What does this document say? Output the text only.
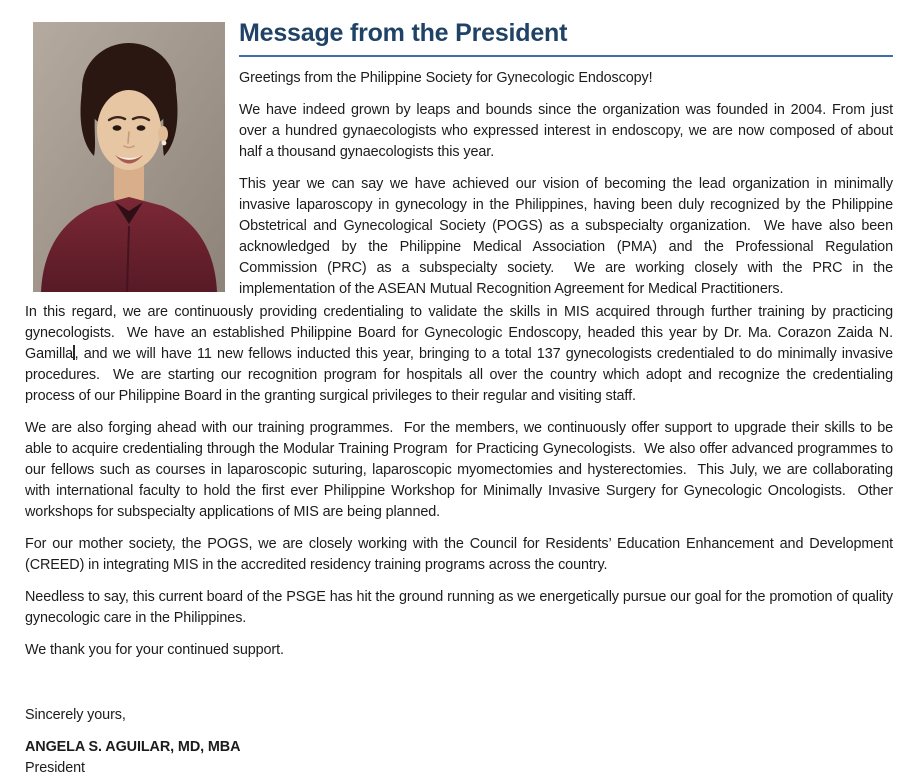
Message from the President

Greetings from the Philippine Society for Gynecologic Endoscopy!

We have indeed grown by leaps and bounds since the organization was founded in 2004. From just over a hundred gynaecologists who expressed interest in endoscopy, we are now composed of about half a thousand gynaecologists this year.

This year we can say we have achieved our vision of becoming the lead organization in minimally invasive laparoscopy in gynecology in the Philippines, having been duly recognized by the Philippine Obstetrical and Gynecological Society (POGS) as a subspecialty organization.  We have also been acknowledged by the Philippine Medical Association (PMA) and the Professional Regulation Commission (PRC) as a subspecialty society.  We are working closely with the PRC in the implementation of the ASEAN Mutual Recognition Agreement for Medical Practitioners.

In this regard, we are continuously providing credentialing to validate the skills in MIS acquired through further training by practicing gynecologists.  We have an established Philippine Board for Gynecologic Endoscopy, headed this year by Dr. Ma. Corazon Zaida N. Gamilla , and we will have 11 new fellows inducted this year, bringing to a total 137 gynecologists credentialed to do minimally invasive procedures.  We are starting our recognition program for hospitals all over the country which adopt and recognize the credentialing process of our Philippine Board in the granting surgical privileges to their regular and visiting staff.

We are also forging ahead with our training programmes.  For the members, we continuously offer support to upgrade their skills to be able to acquire credentialing through the Modular Training Program  for Practicing Gynecologists.  We also offer advanced programmes to our fellows such as courses in laparoscopic suturing, laparoscopic myomectomies and hysterectomies.  This July, we are collaborating with international faculty to hold the first ever Philippine Workshop for Minimally Invasive Surgery for Gynecologic Oncologists.  Other workshops for subspecialty applications of MIS are being planned.

For our mother society, the POGS, we are closely working with the Council for Residents’ Education Enhancement and Development (CREED) in integrating MIS in the accredited residency training programs across the country.

Needless to say, this current board of the PSGE has hit the ground running as we energetically pursue our goal for the promotion of quality gynecologic care in the Philippines.

We thank you for your continued support.

Sincerely yours,

ANGELA S. AGUILAR, MD, MBA
President
